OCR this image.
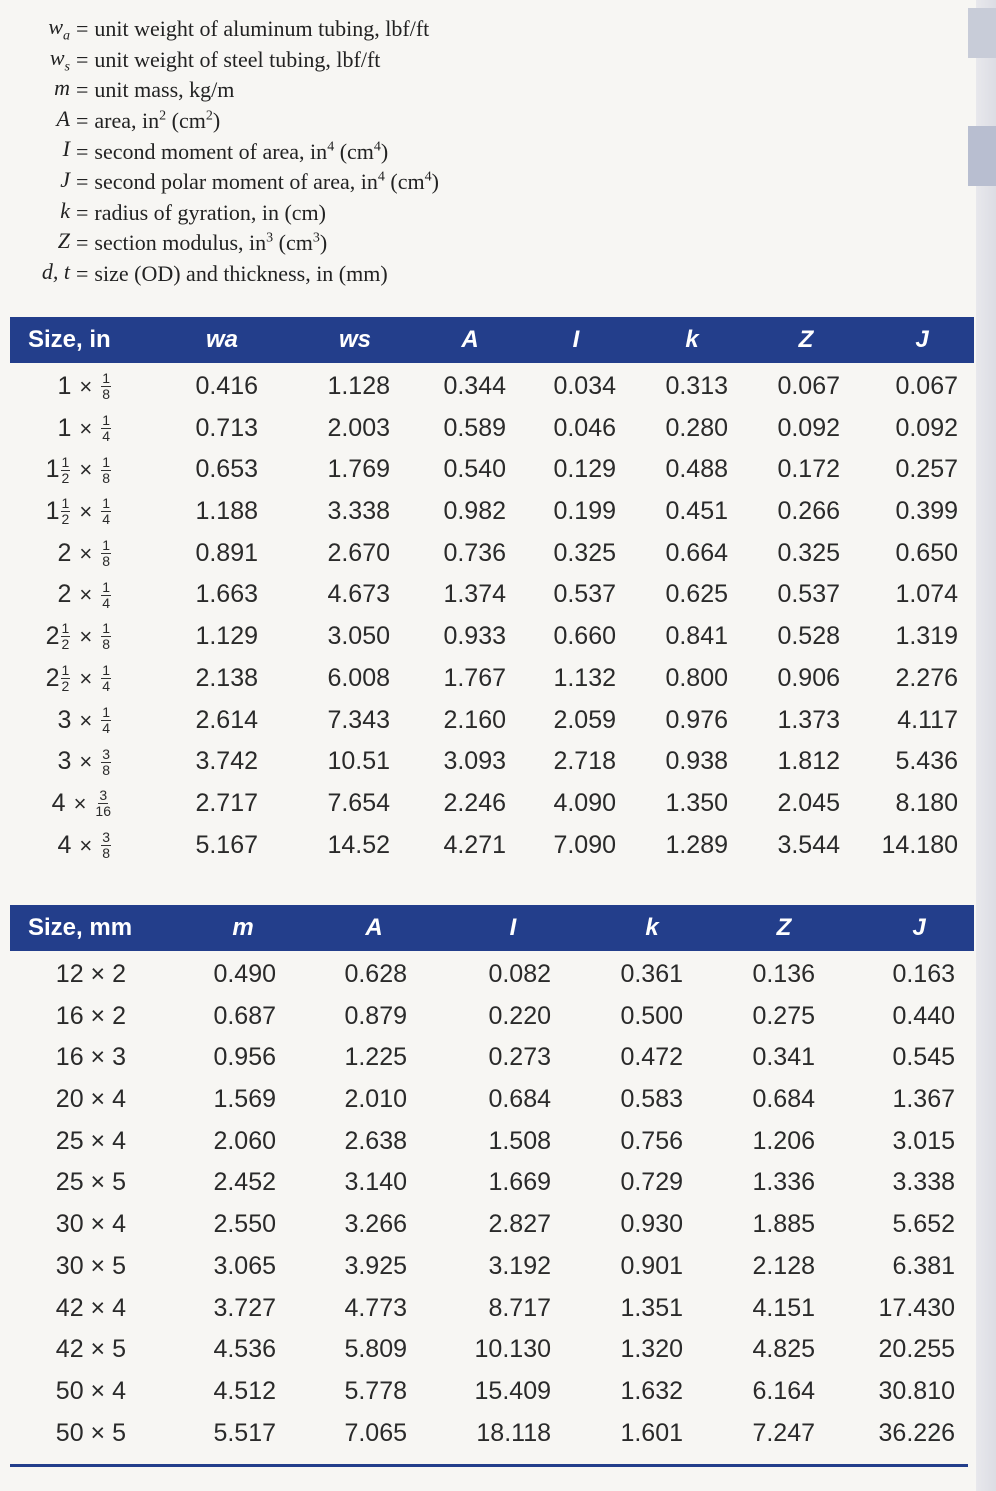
$w_a$ = unit weight of aluminum tubing, lbf/ft
$w_s$ = unit weight of steel tubing, lbf/ft
m = unit mass, kg/m
A = area, $in^2$ $(cm^2)$
I = second moment of area, $in^4$ $(cm^4)$
J = second polar moment of area, $in^4$ $(cm^4)$
k = radius of gyration, in (cm)
Z = section modulus, $in^3$ $(cm^3)$
d, t = size (OD) and thickness, in (mm)
Size, in	wa	ws	A	I	k	Z	J
$1 \times \frac{1}{8}$	0.416	1.128	0.344	0.034	0.313	0.067	0.067
$1 \times \frac{1}{4}$	0.713	2.003	0.589	0.046	0.280	0.092	0.092
$1 \frac{1}{2} \times \frac{1}{8}$	0.653	1.769	0.540	0.129	0.488	0.172	0.257
$1 \frac{1}{2} \times \frac{1}{4}$	1.188	3.338	0.982	0.199	0.451	0.266	0.399
$2 \times \frac{1}{8}$	0.891	2.670	0.736	0.325	0.664	0.325	0.650
$2 \times \frac{1}{4}$	1.663	4.673	1.374	0.537	0.625	0.537	1.074
$2 \frac{1}{2} \times \frac{1}{8}$	1.129	3.050	0.933	0.660	0.841	0.528	1.319
$2 \frac{1}{2} \times \frac{1}{4}$	2.138	6.008	1.767	1.132	0.800	0.906	2.276
$3 \times \frac{1}{4}$	2.614	7.343	2.160	2.059	0.976	1.373	4.117
$3 \times \frac{3}{8}$	3.742	10.51	3.093	2.718	0.938	1.812	5.436
$4 \times \frac{3}{16}$	2.717	7.654	2.246	4.090	1.350	2.045	8.180
$4 \times \frac{3}{8}$	5.167	14.52	4.271	7.090	1.289	3.544	14.180
Size, mm	m	A	I	k	Z	J
12 × 2	0.490	0.628	0.082	0.361	0.136	0.163
16 × 2	0.687	0.879	0.220	0.500	0.275	0.440
16 × 3	0.956	1.225	0.273	0.472	0.341	0.545
20 × 4	1.569	2.010	0.684	0.583	0.684	1.367
25 × 4	2.060	2.638	1.508	0.756	1.206	3.015
25 × 5	2.452	3.140	1.669	0.729	1.336	3.338
30 × 4	2.550	3.266	2.827	0.930	1.885	5.652
30 × 5	3.065	3.925	3.192	0.901	2.128	6.381
42 × 4	3.727	4.773	8.717	1.351	4.151	17.430
42 × 5	4.536	5.809	10.130	1.320	4.825	20.255
50 × 4	4.512	5.778	15.409	1.632	6.164	30.810
50 × 5	5.517	7.065	18.118	1.601	7.247	36.226
